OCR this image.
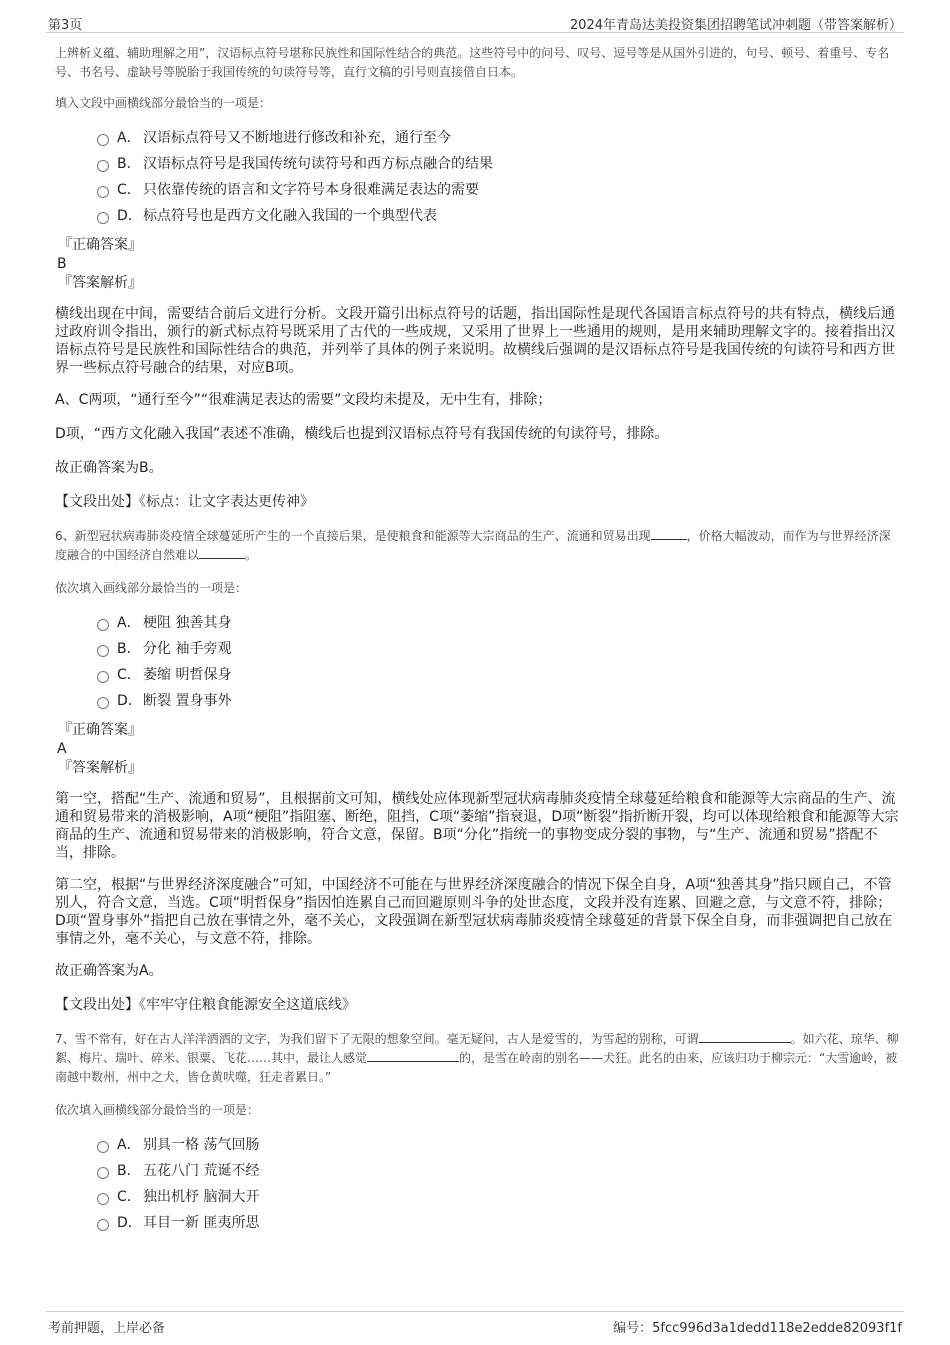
第3页	2024年青岛达美投资集团招聘笔试冲刺题（带答案解析）

上辨析义蕴、辅助理解之用”，汉语标点符号堪称民族性和国际性结合的典范。这些符号中的问号、叹号、逗号等是从国外引进的，句号、顿号、着重号、专名号、书名号、虚缺号等脱胎于我国传统的句读符号等，直行文稿的引号则直接借自日本。

填入文段中画横线部分最恰当的一项是：

A． 汉语标点符号又不断地进行修改和补充，通行至今
B． 汉语标点符号是我国传统句读符号和西方标点融合的结果
C． 只依靠传统的语言和文字符号本身很难满足表达的需要
D． 标点符号也是西方文化融入我国的一个典型代表

『正确答案』

B

『答案解析』

横线出现在中间，需要结合前后文进行分析。文段开篇引出标点符号的话题，指出国际性是现代各国语言标点符号的共有特点，横线后通过政府训令指出，颁行的新式标点符号既采用了古代的一些成规，又采用了世界上一些通用的规则，是用来辅助理解文字的。接着指出汉语标点符号是民族性和国际性结合的典范，并列举了具体的例子来说明。故横线后强调的是汉语标点符号是我国传统的句读符号和西方世界一些标点符号融合的结果，对应B项。

A、C两项，“通行至今”“很难满足表达的需要”文段均未提及，无中生有，排除；

D项，“西方文化融入我国”表述不准确，横线后也提到汉语标点符号有我国传统的句读符号，排除。

故正确答案为B。

【文段出处】《标点：让文字表达更传神》

6、新型冠状病毒肺炎疫情全球蔓延所产生的一个直接后果，是使粮食和能源等大宗商品的生产、流通和贸易出现	，价格大幅波动，而作为与世界经济深度融合的中国经济自然难以	。

依次填入画线部分最恰当的一项是：

A． 梗阻 独善其身
B． 分化 袖手旁观
C． 萎缩 明哲保身
D． 断裂 置身事外

『正确答案』

A

『答案解析』

第一空，搭配“生产、流通和贸易”，且根据前文可知，横线处应体现新型冠状病毒肺炎疫情全球蔓延给粮食和能源等大宗商品的生产、流通和贸易带来的消极影响，A项“梗阻”指阻塞、断绝，阻挡，C项“萎缩”指衰退，D项“断裂”指折断开裂，均可以体现给粮食和能源等大宗商品的生产、流通和贸易带来的消极影响，符合文意，保留。B项“分化”指统一的事物变成分裂的事物，与“生产、流通和贸易”搭配不当，排除。

第二空，根据“与世界经济深度融合”可知，中国经济不可能在与世界经济深度融合的情况下保全自身，A项“独善其身”指只顾自己，不管别人，符合文意，当选。C项“明哲保身”指因怕连累自己而回避原则斗争的处世态度，文段并没有连累、回避之意，与文意不符，排除；D项“置身事外”指把自己放在事情之外，毫不关心，文段强调在新型冠状病毒肺炎疫情全球蔓延的背景下保全自身，而非强调把自己放在事情之外，毫不关心，与文意不符，排除。

故正确答案为A。

【文段出处】《牢牢守住粮食能源安全这道底线》

7、雪不常有，好在古人洋洋洒洒的文字，为我们留下了无限的想象空间。毫无疑问，古人是爱雪的，为雪起的别称，可谓	。如六花、琼华、柳絮、梅片、瑞叶、碎米、银粟、飞花……其中，最让人感觉	的，是雪在岭南的别名——犬狂。此名的由来，应该归功于柳宗元：“大雪逾岭，被南越中数州，州中之犬，皆仓黄吠噬，狂走者累日。”

依次填入画横线部分最恰当的一项是：

A． 别具一格 荡气回肠
B． 五花八门 荒诞不经
C． 独出机杼 脑洞大开
D． 耳目一新 匪夷所思
考前押题，上岸必备	编号：5fcc996d3a1dedd118e2edde82093f1f
